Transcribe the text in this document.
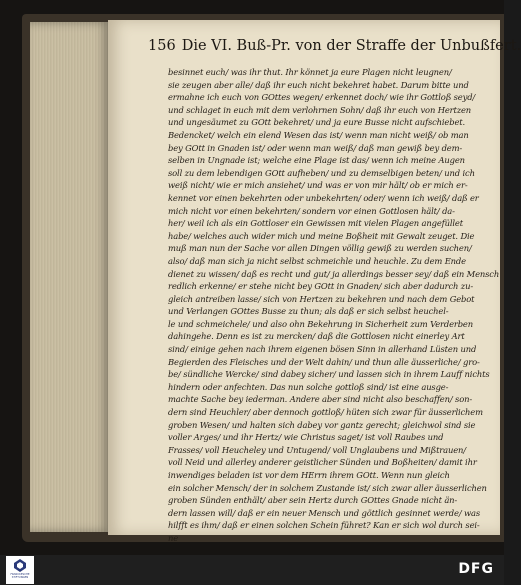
156 Die VI. Buß-Pr. von der Straffe der Unbußfert.
besinnet euch/ was ihr thut. Ihr könnet ja eure Plagen nicht leugnen/
sie zeugen aber alle/ daß ihr euch nicht bekehret habet. Darum bitte und
ermahne ich euch von GOttes wegen/ erkennet doch/ wie ihr Gottloß seyd/
und schlaget in euch mit dem verlohrnen Sohn/ daß ihr euch von Hertzen
und ungesäumet zu GOtt bekehret/ und ja eure Busse nicht aufschiebet.
Bedencket/ welch ein elend Wesen das ist/ wenn man nicht weiß/ ob man
bey GOtt in Gnaden ist/ oder wenn man weiß/ daß man gewiß bey dem-
selben in Ungnade ist; welche eine Plage ist das/ wenn ich meine Augen
soll zu dem lebendigen GOtt aufheben/ und zu demselbigen beten/ und ich
weiß nicht/ wie er mich ansiehet/ und was er von mir hält/ ob er mich er-
kennet vor einen bekehrten oder unbekehrten/ oder/ wenn ich weiß/ daß er
mich nicht vor einen bekehrten/ sondern vor einen Gottlosen hält/ da-
her/ weil ich als ein Gottloser ein Gewissen mit vielen Plagen angefüllet
habe/ welches auch wider mich und meine Boßheit mit Gewalt zeuget. Die
muß man nun der Sache vor allen Dingen völlig gewiß zu werden suchen/
also/ daß man sich ja nicht selbst schmeichle und heuchle. Zu dem Ende
dienet zu wissen/ daß es recht und gut/ ja allerdings besser sey/ daß ein Mensch
redlich erkenne/ er stehe nicht bey GOtt in Gnaden/ sich aber dadurch zu-
gleich antreiben lasse/ sich von Hertzen zu bekehren und nach dem Gebot
und Verlangen GOttes Busse zu thun; als daß er sich selbst heuchel-
le und schmeichele/ und also ohn Bekehrung in Sicherheit zum Verderben
dahingehe. Denn es ist zu mercken/ daß die Gottlosen nicht einerley Art
sind/ einige gehen nach ihrem eigenen bösen Sinn in allerhand Lüsten und
Begierden des Fleisches und der Welt dahin/ und thun alle äusserliche/ gro-
be/ sündliche Wercke/ sind dabey sicher/ und lassen sich in ihrem Lauff nichts
hindern oder anfechten. Das nun solche gottloß sind/ ist eine ausge-
machte Sache bey iederman. Andere aber sind nicht also beschaffen/ son-
dern sind Heuchler/ aber dennoch gottloß/ hüten sich zwar für äusserlichem
groben Wesen/ und halten sich dabey vor gantz gerecht; gleichwol sind sie
voller Arges/ und ihr Hertz/ wie Christus saget/ ist voll Raubes und
Frasses/ voll Heucheley und Untugend/ voll Unglaubens und Mißtrauen/
voll Neid und allerley anderer geistlicher Sünden und Boßheiten/ damit ihr
inwendiges beladen ist vor dem HErrn ihrem GOtt. Wenn nun gleich
ein solcher Mensch/ der in solchem Zustande ist/ sich zwar aller äusserlichen
groben Sünden enthält/ aber sein Hertz durch GOttes Gnade nicht än-
dern lassen will/ daß er ein neuer Mensch und göttlich gesinnet werde/ was
hilfft es ihm/ daß er einen solchen Schein führet? Kan er sich wol durch sei-
ne
FRANCKESCHE STIFTUNGEN
DFG
